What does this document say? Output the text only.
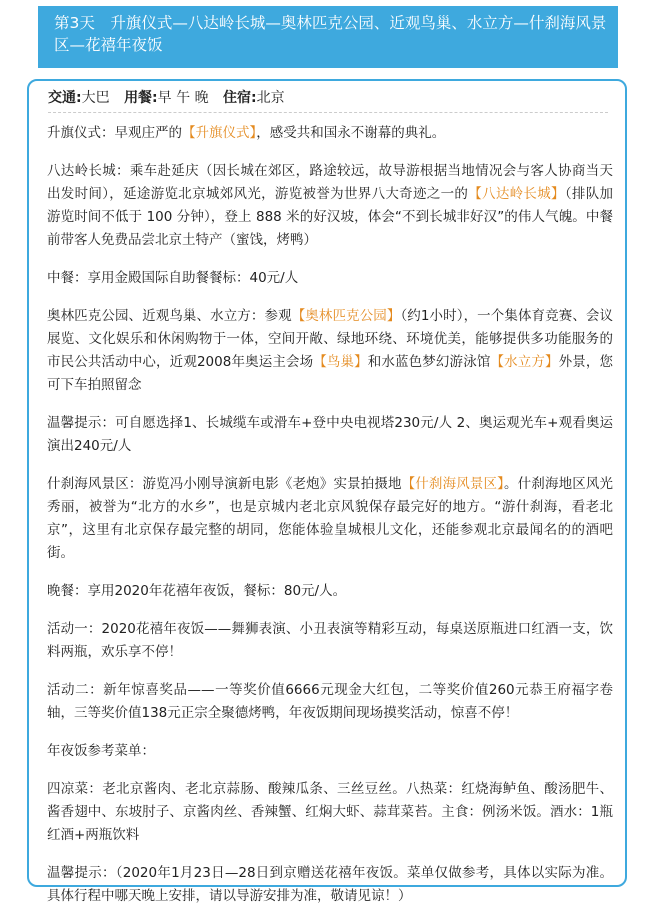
第3天　升旗仪式—八达岭长城—奥林匹克公园、近观鸟巢、水立方—什刹海风景区—花禧年夜饭
交通:大巴 用餐:早 午 晚 住宿:北京

升旗仪式：早观庄严的【升旗仪式】，感受共和国永不谢幕的典礼。

八达岭长城：乘车赴延庆（因长城在郊区，路途较远，故导游根据当地情况会与客人协商当天出发时间），延途游览北京城郊风光，游览被誉为世界八大奇迹之一的【八达岭长城】（排队加游览时间不低于 100 分钟），登上 888 米的好汉坡，体会“不到长城非好汉”的伟人气魄。中餐前带客人免费品尝北京土特产（蜜饯，烤鸭）

中餐：享用金殿国际自助餐餐标：40元/人

奥林匹克公园、近观鸟巢、水立方：参观【奥林匹克公园】（约1小时），一个集体育竞赛、会议展览、文化娱乐和休闲购物于一体，空间开敞、绿地环绕、环境优美，能够提供多功能服务的市民公共活动中心，近观2008年奥运主会场【鸟巢】和水蓝色梦幻游泳馆【水立方】外景，您可下车拍照留念

温馨提示：可自愿选择1、长城缆车或滑车+登中央电视塔230元/人 2、奥运观光车+观看奥运演出240元/人

什刹海风景区：游览冯小刚导演新电影《老炮》实景拍摄地【什刹海风景区】。什刹海地区风光秀丽，被誉为“北方的水乡”，也是京城内老北京风貌保存最完好的地方。“游什刹海，看老北京”，这里有北京保存最完整的胡同，您能体验皇城根儿文化，还能参观北京最闻名的的酒吧街。

晚餐：享用2020年花禧年夜饭，餐标：80元/人。

活动一：2020花禧年夜饭——舞狮表演、小丑表演等精彩互动，每桌送原瓶进口红酒一支，饮料两瓶，欢乐享不停！

活动二：新年惊喜奖品——一等奖价值6666元现金大红包，二等奖价值260元恭王府福字卷轴，三等奖价值138元正宗全聚德烤鸭，年夜饭期间现场摸奖活动，惊喜不停！

年夜饭参考菜单：

四凉菜：老北京酱肉、老北京蒜肠、酸辣瓜条、三丝豆丝。八热菜：红烧海鲈鱼、酸汤肥牛、酱香翅中、东坡肘子、京酱肉丝、香辣蟹、红焖大虾、蒜茸菜苔。主食：例汤米饭。酒水：1瓶红酒+两瓶饮料

温馨提示：（2020年1月23日—28日到京赠送花禧年夜饭。菜单仅做参考，具体以实际为准。具体行程中哪天晚上安排，请以导游安排为准，敬请见谅！）
